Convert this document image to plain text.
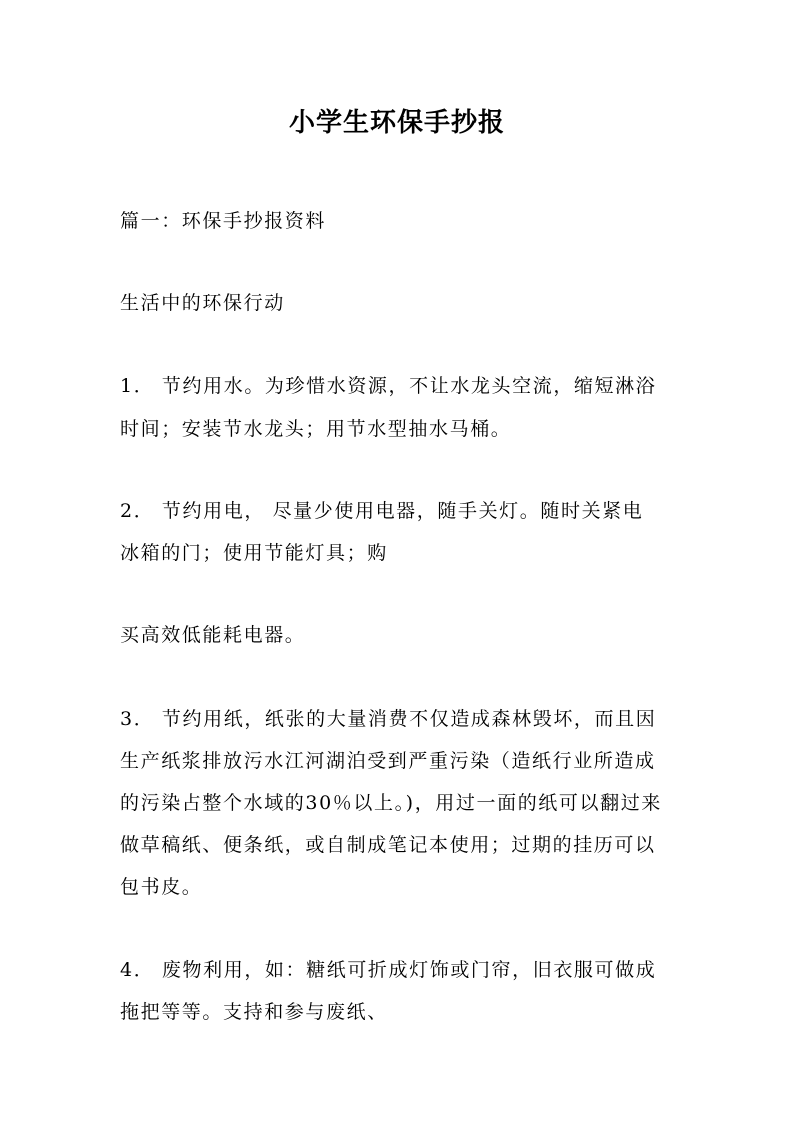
小学生环保手抄报
篇一：环保手抄报资料
生活中的环保行动
1． 节约用水。为珍惜水资源，不让水龙头空流，缩短淋浴
时间；安装节水龙头；用节水型抽水马桶。
2． 节约用电， 尽量少使用电器，随手关灯。随时关紧电
冰箱的门；使用节能灯具；购
买高效低能耗电器。
3． 节约用纸，纸张的大量消费不仅造成森林毁坏，而且因
生产纸浆排放污水江河湖泊受到严重污染（造纸行业所造成
的污染占整个水域的30％以上。)，用过一面的纸可以翻过来
做草稿纸、便条纸，或自制成笔记本使用；过期的挂历可以
包书皮。
4． 废物利用，如：糖纸可折成灯饰或门帘，旧衣服可做成
拖把等等。支持和参与废纸、
